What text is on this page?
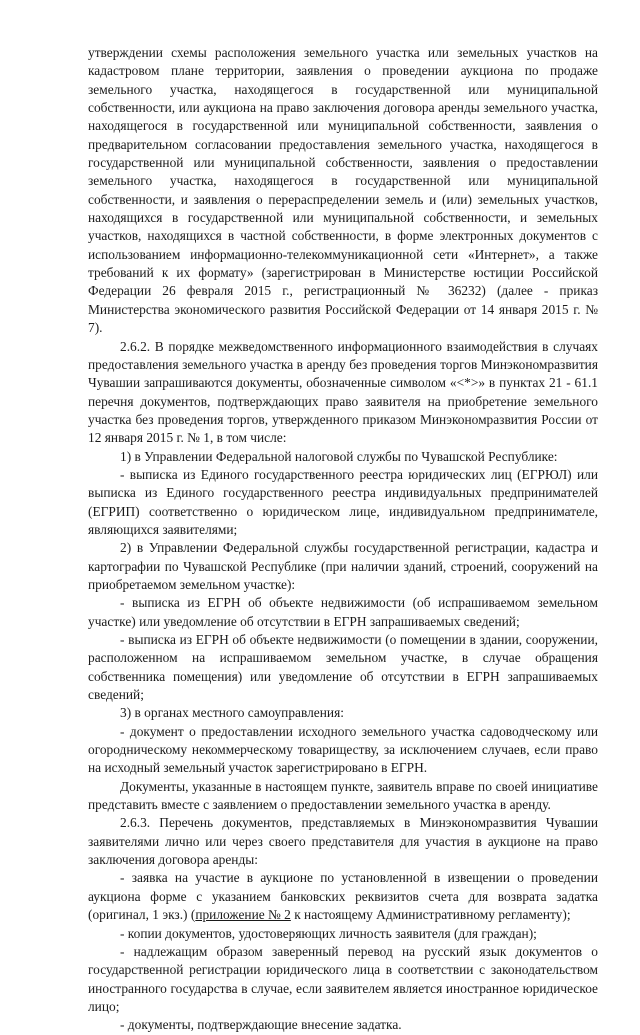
утверждении схемы расположения земельного участка или земельных участков на кадастровом плане территории, заявления о проведении аукциона по продаже земельного участка, находящегося в государственной или муниципальной собственности, или аукциона на право заключения договора аренды земельного участка, находящегося в государственной или муниципальной собственности, заявления о предварительном согласовании предоставления земельного участка, находящегося в государственной или муниципальной собственности, заявления о предоставлении земельного участка, находящегося в государственной или муниципальной собственности, и заявления о перераспределении земель и (или) земельных участков, находящихся в государственной или муниципальной собственности, и земельных участков, находящихся в частной собственности, в форме электронных документов с использованием информационно-телекоммуникационной сети «Интернет», а также требований к их формату» (зарегистрирован в Министерстве юстиции Российской Федерации 26 февраля 2015 г., регистрационный № 36232) (далее - приказ Министерства экономического развития Российской Федерации от 14 января 2015 г. № 7).

2.6.2. В порядке межведомственного информационного взаимодействия в случаях предоставления земельного участка в аренду без проведения торгов Минэкономразвития Чувашии запрашиваются документы, обозначенные символом «<*>» в пунктах 21 - 61.1 перечня документов, подтверждающих право заявителя на приобретение земельного участка без проведения торгов, утвержденного приказом Минэкономразвития России от 12 января 2015 г. № 1, в том числе:

1) в Управлении Федеральной налоговой службы по Чувашской Республике:

- выписка из Единого государственного реестра юридических лиц (ЕГРЮЛ) или выписка из Единого государственного реестра индивидуальных предпринимателей (ЕГРИП) соответственно о юридическом лице, индивидуальном предпринимателе, являющихся заявителями;

2) в Управлении Федеральной службы государственной регистрации, кадастра и картографии по Чувашской Республике (при наличии зданий, строений, сооружений на приобретаемом земельном участке):

- выписка из ЕГРН об объекте недвижимости (об испрашиваемом земельном участке) или уведомление об отсутствии в ЕГРН запрашиваемых сведений;

- выписка из ЕГРН об объекте недвижимости (о помещении в здании, сооружении, расположенном на испрашиваемом земельном участке, в случае обращения собственника помещения) или уведомление об отсутствии в ЕГРН запрашиваемых сведений;

3) в органах местного самоуправления:

- документ о предоставлении исходного земельного участка садоводческому или огородническому некоммерческому товариществу, за исключением случаев, если право на исходный земельный участок зарегистрировано в ЕГРН.

Документы, указанные в настоящем пункте, заявитель вправе по своей инициативе представить вместе с заявлением о предоставлении земельного участка в аренду.

2.6.3. Перечень документов, представляемых в Минэкономразвития Чувашии заявителями лично или через своего представителя для участия в аукционе на право заключения договора аренды:

- заявка на участие в аукционе по установленной в извещении о проведении аукциона форме с указанием банковских реквизитов счета для возврата задатка (оригинал, 1 экз.) (приложение № 2 к настоящему Административному регламенту);

- копии документов, удостоверяющих личность заявителя (для граждан);

- надлежащим образом заверенный перевод на русский язык документов о государственной регистрации юридического лица в соответствии с законодательством иностранного государства в случае, если заявителем является иностранное юридическое лицо;

- документы, подтверждающие внесение задатка.
